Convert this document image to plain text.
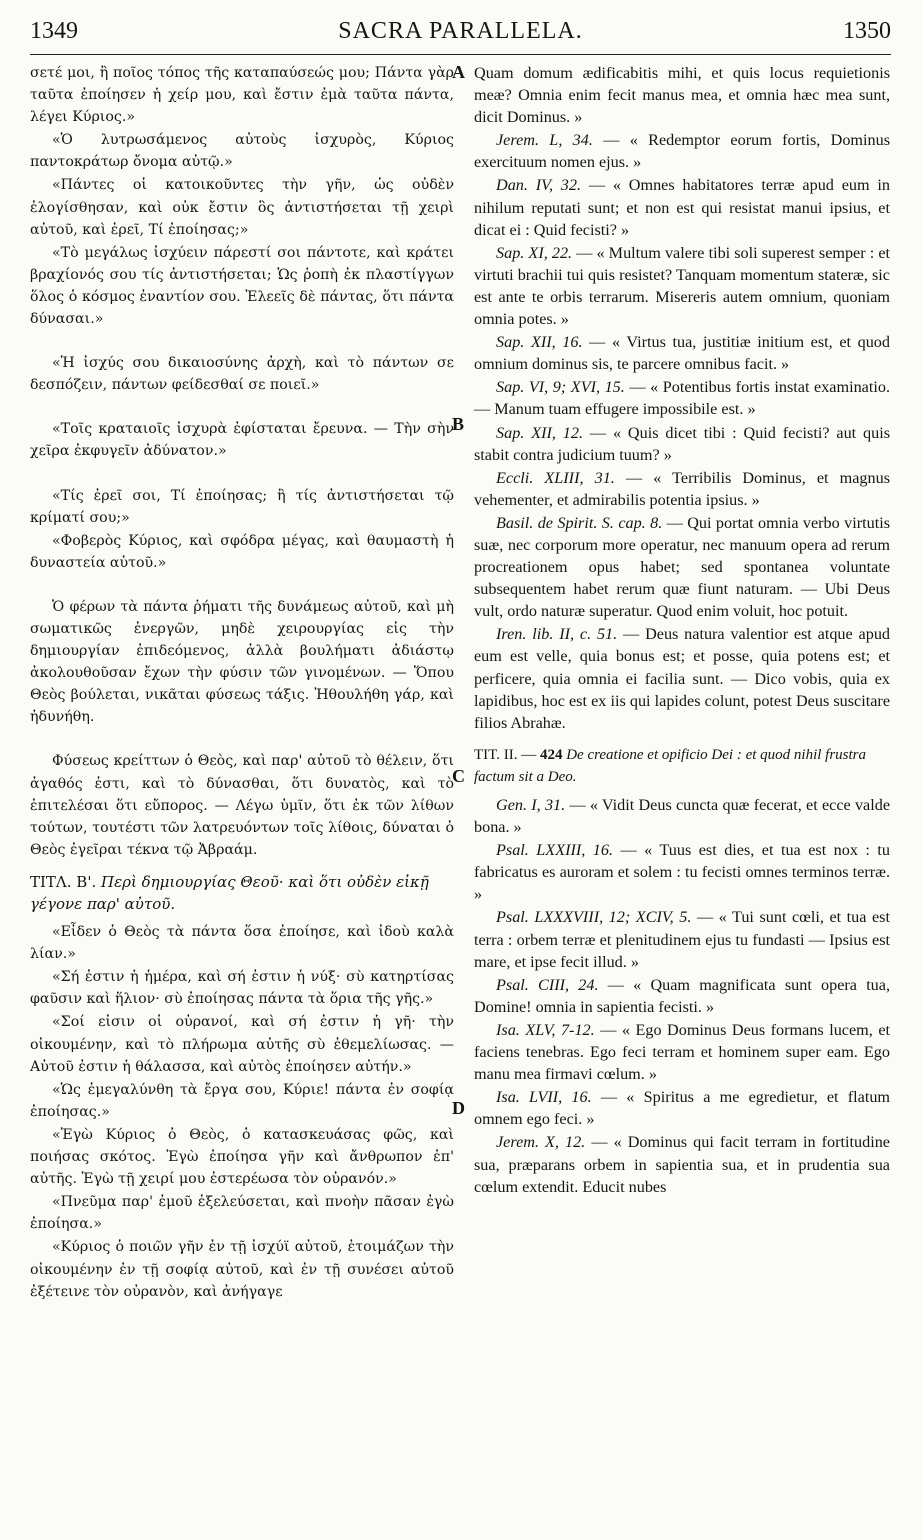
1349	SACRA PARALLELA.	1350
A
B
C
D

σετέ μοι, ἢ ποῖος τόπος τῆς καταπαύσεώς μου; Πάντα γὰρ ταῦτα ἐποίησεν ἡ χείρ μου, καὶ ἔστιν ἐμὰ ταῦτα πάντα, λέγει Κύριος.»

«Ὁ λυτρωσάμενος αὐτοὺς ἰσχυρὸς, Κύριος παντοκράτωρ ὄνομα αὐτῷ.»

«Πάντες οἱ κατοικοῦντες τὴν γῆν, ὡς οὐδὲν ἐλογίσθησαν, καὶ οὐκ ἔστιν ὃς ἀντιστήσεται τῇ χειρὶ αὐτοῦ, καὶ ἐρεῖ, Τί ἐποίησας;»

«Τὸ μεγάλως ἰσχύειν πάρεστί σοι πάντοτε, καὶ κράτει βραχίονός σου τίς ἀντιστήσεται; Ὡς ῥοπὴ ἐκ πλαστίγγων ὅλος ὁ κόσμος ἐναντίον σου. Ἐλεεῖς δὲ πάντας, ὅτι πάντα δύνασαι.»

«Ἡ ἰσχύς σου δικαιοσύνης ἀρχὴ, καὶ τὸ πάντων σε δεσπόζειν, πάντων φείδεσθαί σε ποιεῖ.»

«Τοῖς κραταιοῖς ἰσχυρὰ ἐφίσταται ἔρευνα. — Τὴν σὴν χεῖρα ἐκφυγεῖν ἀδύνατον.»

«Τίς ἐρεῖ σοι, Τί ἐποίησας; ἢ τίς ἀντιστήσεται τῷ κρίματί σου;»

«Φοβερὸς Κύριος, καὶ σφόδρα μέγας, καὶ θαυμαστὴ ἡ δυναστεία αὐτοῦ.»

Ὁ φέρων τὰ πάντα ῥήματι τῆς δυνάμεως αὐτοῦ, καὶ μὴ σωματικῶς ἐνεργῶν, μηδὲ χειρουργίας εἰς τὴν δημιουργίαν ἐπιδεόμενος, ἀλλὰ βουλήματι ἀδιάστῳ ἀκολουθοῦσαν ἔχων τὴν φύσιν τῶν γινομένων. — Ὅπου Θεὸς βούλεται, νικᾶται φύσεως τάξις. Ἠθουλήθη γάρ, καὶ ἠδυνήθη.

Φύσεως κρείττων ὁ Θεὸς, καὶ παρ' αὐτοῦ τὸ θέλειν, ὅτι ἀγαθός ἐστι, καὶ τὸ δύνασθαι, ὅτι δυνατὸς, καὶ τὸ ἐπιτελέσαι ὅτι εὔπορος. — Λέγω ὑμῖν, ὅτι ἐκ τῶν λίθων τούτων, τουτέστι τῶν λατρευόντων τοῖς λίθοις, δύναται ὁ Θεὸς ἐγεῖραι τέκνα τῷ Ἀβραάμ.

ΤΙΤΛ. Β'. Περὶ δημιουργίας Θεοῦ· καὶ ὅτι οὐδὲν εἰκῇ γέγονε παρ' αὐτοῦ.

«Εἶδεν ὁ Θεὸς τὰ πάντα ὅσα ἐποίησε, καὶ ἰδοὺ καλὰ λίαν.»

«Σή ἐστιν ἡ ἡμέρα, καὶ σή ἐστιν ἡ νύξ· σὺ κατηρτίσας φαῦσιν καὶ ἥλιον· σὺ ἐποίησας πάντα τὰ ὅρια τῆς γῆς.»

«Σοί εἰσιν οἱ οὐρανοί, καὶ σή ἐστιν ἡ γῆ· τὴν οἰκουμένην, καὶ τὸ πλήρωμα αὐτῆς σὺ ἐθεμελίωσας. — Αὐτοῦ ἐστιν ἡ θάλασσα, καὶ αὐτὸς ἐποίησεν αὐτήν.»

«Ὡς ἐμεγαλύνθη τὰ ἔργα σου, Κύριε! πάντα ἐν σοφίᾳ ἐποίησας.»

«Ἐγὼ Κύριος ὁ Θεὸς, ὁ κατασκευάσας φῶς, καὶ ποιήσας σκότος. Ἐγὼ ἐποίησα γῆν καὶ ἄνθρωπον ἐπ' αὐτῆς. Ἐγὼ τῇ χειρί μου ἐστερέωσα τὸν οὐρανόν.»

«Πνεῦμα παρ' ἐμοῦ ἐξελεύσεται, καὶ πνοὴν πᾶσαν ἐγὼ ἐποίησα.»

«Κύριος ὁ ποιῶν γῆν ἐν τῇ ἰσχύϊ αὐτοῦ, ἑτοιμάζων τὴν οἰκουμένην ἐν τῇ σοφίᾳ αὐτοῦ, καὶ ἐν τῇ συνέσει αὐτοῦ ἐξέτεινε τὸν οὐρανὸν, καὶ ἀνήγαγε

Quam domum ædificabitis mihi, et quis locus requietionis meæ? Omnia enim fecit manus mea, et omnia hæc mea sunt, dicit Dominus. »

Jerem. L, 34. — « Redemptor eorum fortis, Dominus exercituum nomen ejus. »

Dan. IV, 32. — « Omnes habitatores terræ apud eum in nihilum reputati sunt; et non est qui resistat manui ipsius, et dicat ei : Quid fecisti? »

Sap. XI, 22. — « Multum valere tibi soli superest semper : et virtuti brachii tui quis resistet? Tanquam momentum stateræ, sic est ante te orbis terrarum. Misereris autem omnium, quoniam omnia potes. »

Sap. XII, 16. — « Virtus tua, justitiæ initium est, et quod omnium dominus sis, te parcere omnibus facit. »

Sap. VI, 9; XVI, 15. — « Potentibus fortis instat examinatio. — Manum tuam effugere impossibile est. »

Sap. XII, 12. — « Quis dicet tibi : Quid fecisti? aut quis stabit contra judicium tuum? »

Eccli. XLIII, 31. — « Terribilis Dominus, et magnus vehementer, et admirabilis potentia ipsius. »

Basil. de Spirit. S. cap. 8. — Qui portat omnia verbo virtutis suæ, nec corporum more operatur, nec manuum opera ad rerum procreationem opus habet; sed spontanea voluntate subsequentem habet rerum quæ fiunt naturam. — Ubi Deus vult, ordo naturæ superatur. Quod enim voluit, hoc potuit.

Iren. lib. II, c. 51. — Deus natura valentior est atque apud eum est velle, quia bonus est; et posse, quia potens est; et perficere, quia omnia ei facilia sunt. — Dico vobis, quia ex lapidibus, hoc est ex iis qui lapides colunt, potest Deus suscitare filios Abrahæ.

TIT. II. — 424 De creatione et opificio Dei : et quod nihil frustra factum sit a Deo.

Gen. I, 31. — « Vidit Deus cuncta quæ fecerat, et ecce valde bona. »

Psal. LXXIII, 16. — « Tuus est dies, et tua est nox : tu fabricatus es auroram et solem : tu fecisti omnes terminos terræ. »

Psal. LXXXVIII, 12; XCIV, 5. — « Tui sunt cœli, et tua est terra : orbem terræ et plenitudinem ejus tu fundasti — Ipsius est mare, et ipse fecit illud. »

Psal. CIII, 24. — « Quam magnificata sunt opera tua, Domine! omnia in sapientia fecisti. »

Isa. XLV, 7-12. — « Ego Dominus Deus formans lucem, et faciens tenebras. Ego feci terram et hominem super eam. Ego manu mea firmavi cœlum. »

Isa. LVII, 16. — « Spiritus a me egredietur, et flatum omnem ego feci. »

Jerem. X, 12. — « Dominus qui facit terram in fortitudine sua, præparans orbem in sapientia sua, et in prudentia sua cœlum extendit. Educit nubes
